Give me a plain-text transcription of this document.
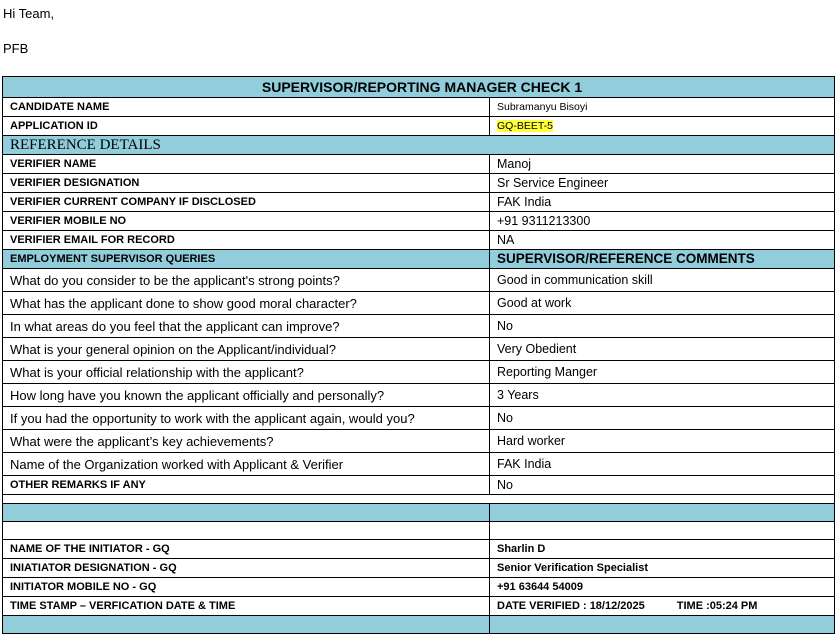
Hi Team,
PFB
SUPERVISOR/REPORTING MANAGER CHECK 1	
CANDIDATE NAME	Subramanyu Bisoyi
APPLICATION ID	GQ-BEET-5
REFERENCE DETAILS	
VERIFIER NAME	Manoj
VERIFIER DESIGNATION	Sr Service Engineer
VERIFIER CURRENT COMPANY IF DISCLOSED	FAK India
VERIFIER MOBILE NO	+91 9311213300
VERIFIER EMAIL FOR RECORD	NA
EMPLOYMENT SUPERVISOR QUERIES	SUPERVISOR/REFERENCE COMMENTS
What do you consider to be the applicant's strong points?	Good in communication skill
What has the applicant done to show good moral character?	Good at work
In what areas do you feel that the applicant can improve?	No
What is your general opinion on the Applicant/individual?	Very Obedient
What is your official relationship with the applicant?	Reporting Manger
How long have you known the applicant officially and personally?	3 Years
If you had the opportunity to work with the applicant again, would you?	No
What were the applicant’s key achievements?	Hard worker
Name of the Organization worked with Applicant & Verifier	FAK India
OTHER REMARKS IF ANY	No

NAME OF THE INITIATOR - GQ	Sharlin D
INIATIATOR DESIGNATION - GQ	Senior Verification Specialist
INITIATOR MOBILE NO - GQ	+91 63644 54009
TIME STAMP – VERFICATION DATE & TIME	DATE VERIFIED : 18/12/2025 TIME :05:24 PM
